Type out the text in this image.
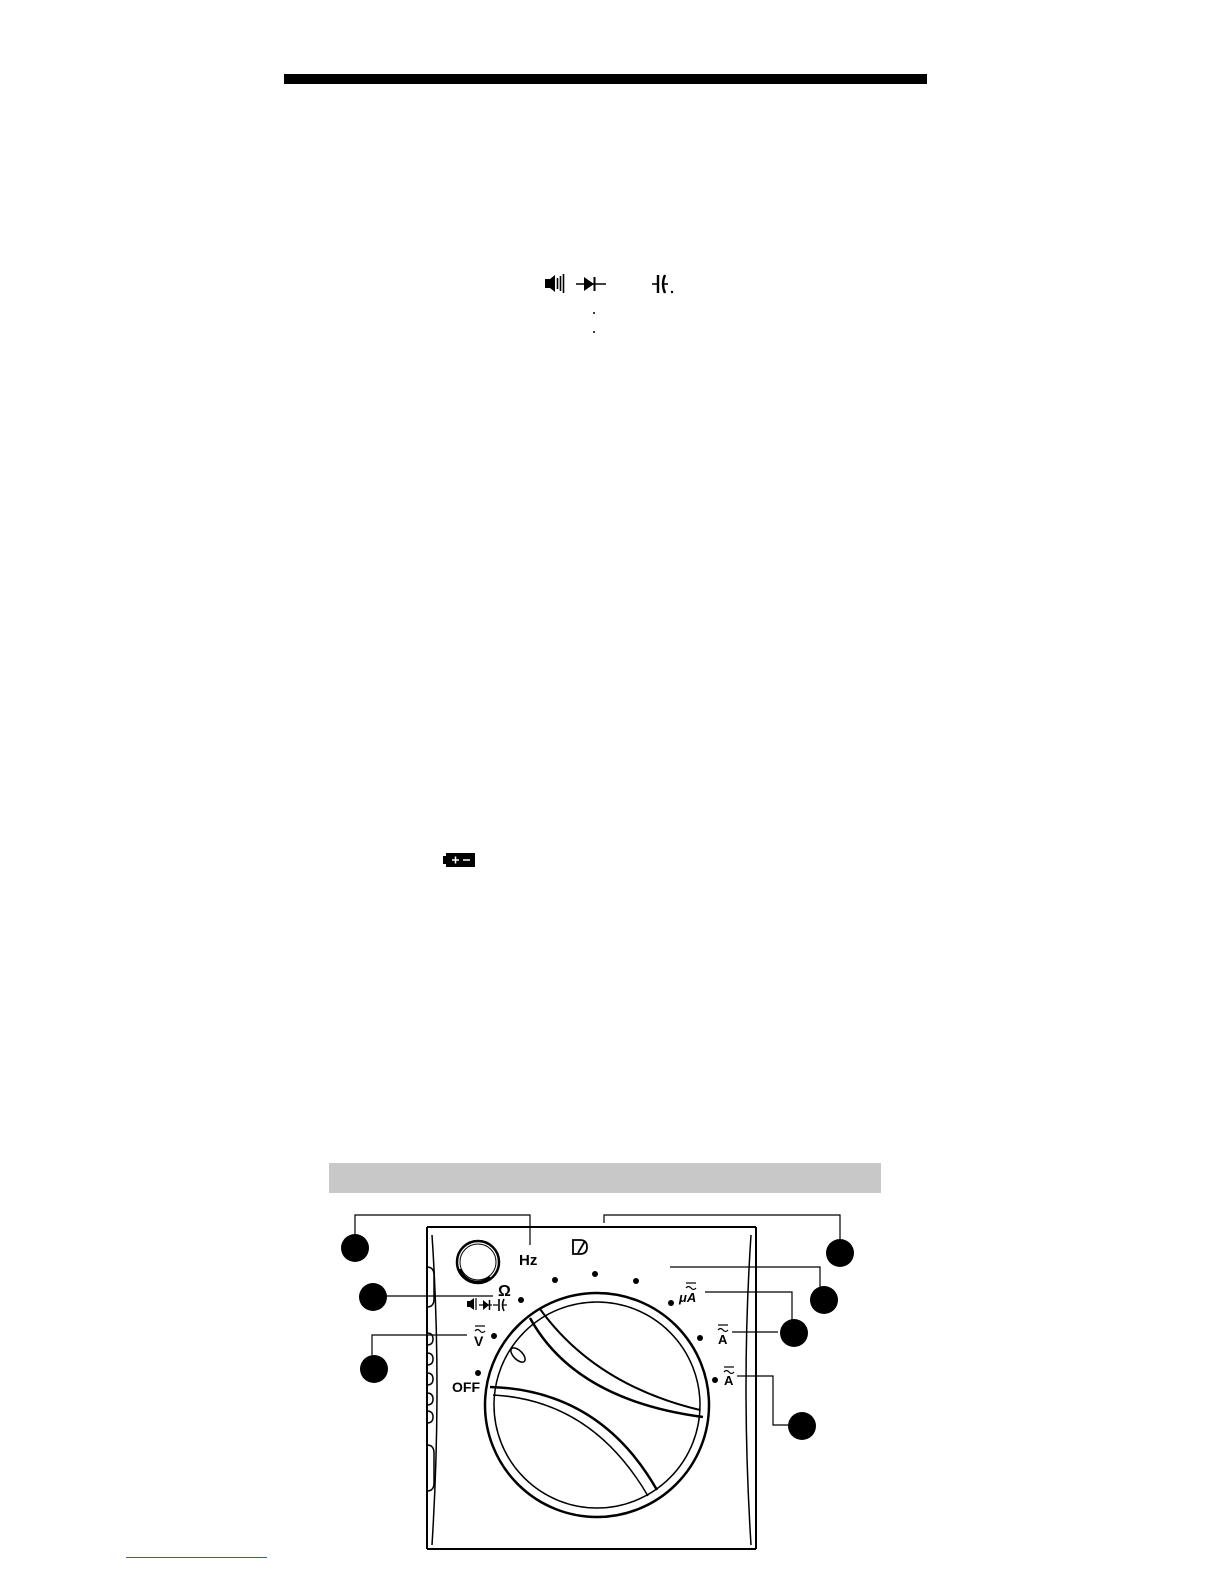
Hz
Ω
V
OFF
μA
A
A
